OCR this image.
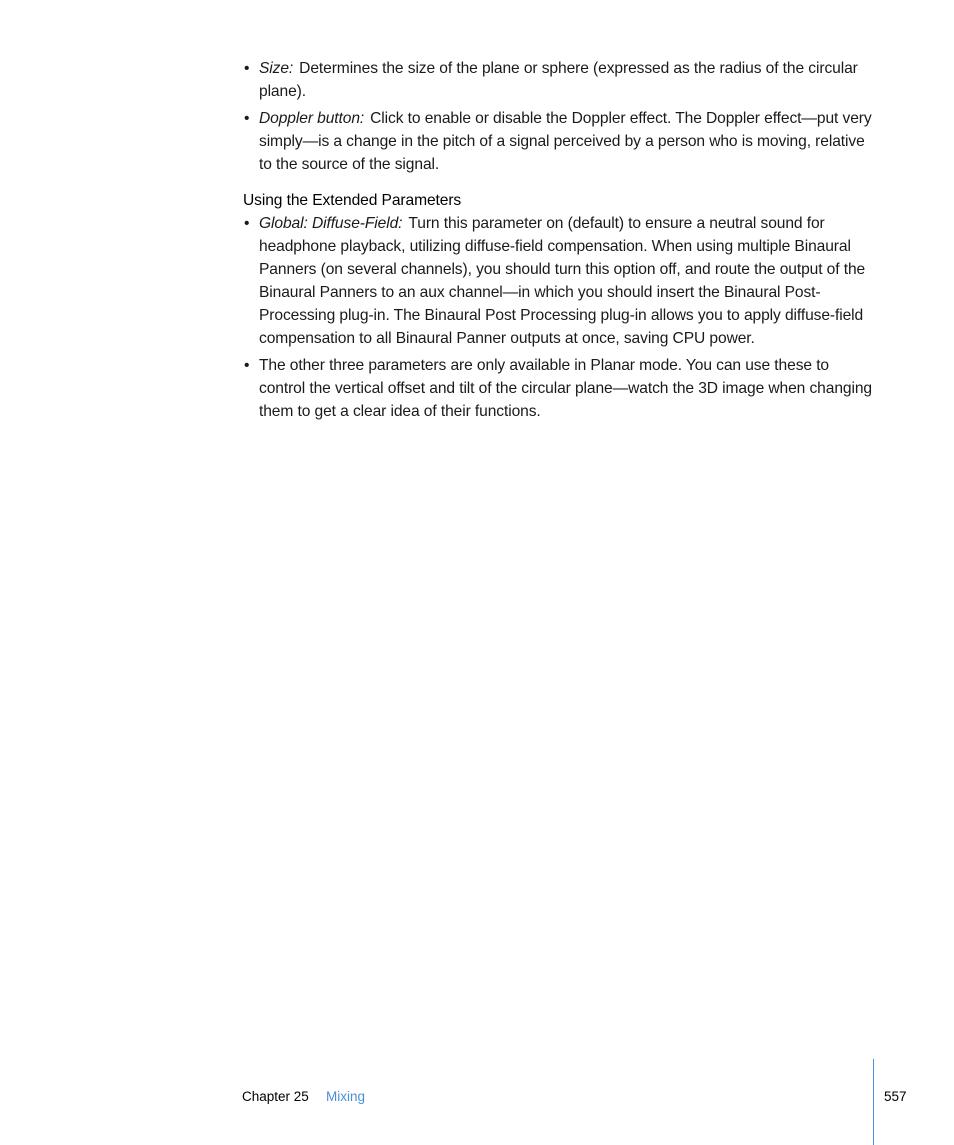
• Size: Determines the size of the plane or sphere (expressed as the radius of the circular plane).
• Doppler button: Click to enable or disable the Doppler effect. The Doppler effect—put very simply—is a change in the pitch of a signal perceived by a person who is moving, relative to the source of the signal.
Using the Extended Parameters
• Global: Diffuse-Field: Turn this parameter on (default) to ensure a neutral sound for headphone playback, utilizing diffuse-field compensation. When using multiple Binaural Panners (on several channels), you should turn this option off, and route the output of the Binaural Panners to an aux channel—in which you should insert the Binaural Post-Processing plug-in. The Binaural Post Processing plug-in allows you to apply diffuse-field compensation to all Binaural Panner outputs at once, saving CPU power.
• The other three parameters are only available in Planar mode. You can use these to control the vertical offset and tilt of the circular plane—watch the 3D image when changing them to get a clear idea of their functions.
Chapter 25 Mixing	557
